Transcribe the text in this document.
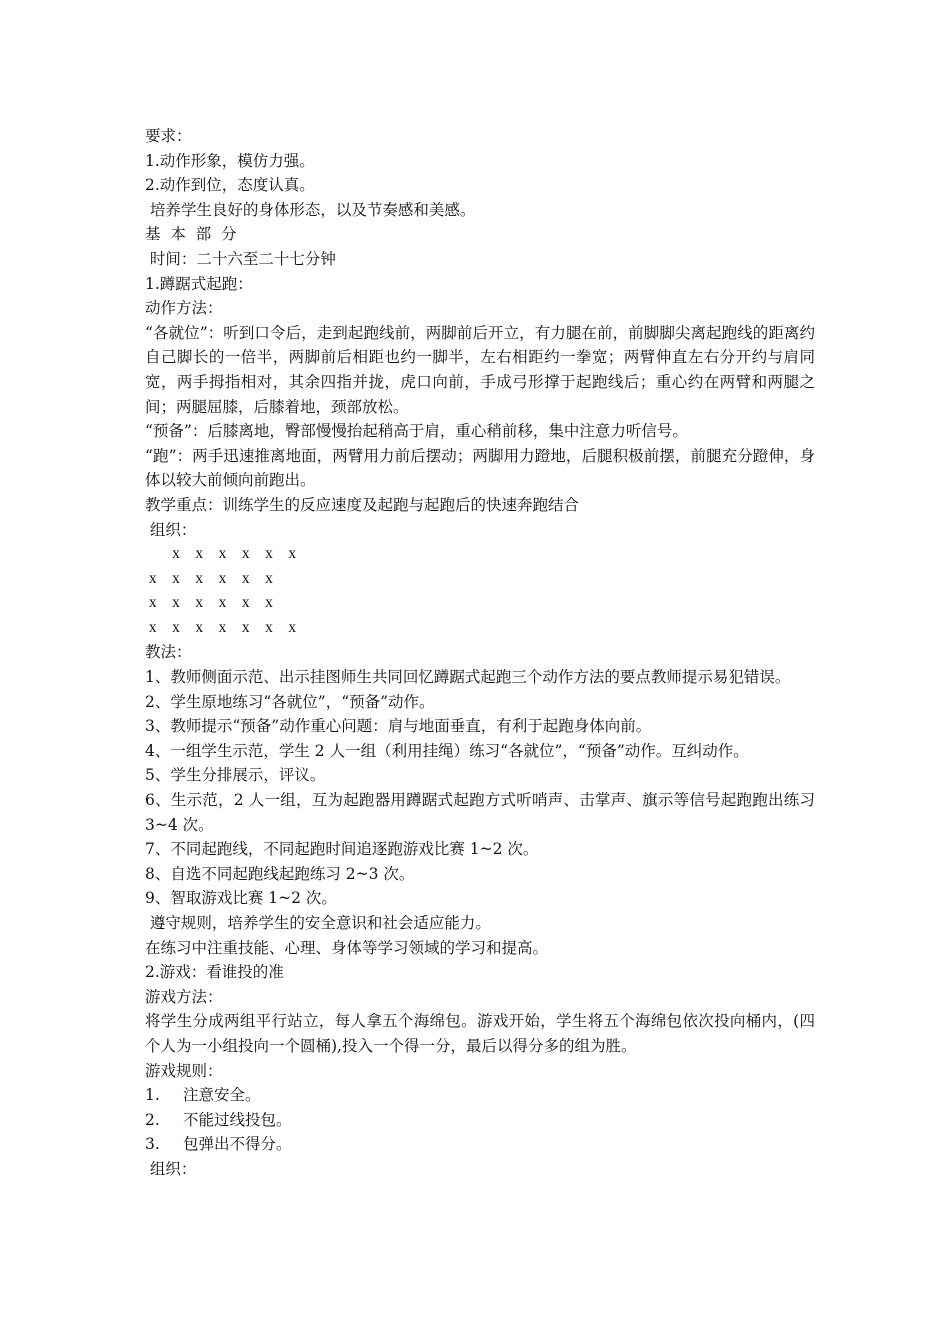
要求：
1.动作形象，模仿力强。
2.动作到位，态度认真。
培养学生良好的身体形态，以及节奏感和美感。
基  本  部  分
时间：二十六至二十七分钟
1.蹲踞式起跑：
动作方法：
“各就位”：听到口令后，走到起跑线前，两脚前后开立，有力腿在前，前脚脚尖离起跑线的距离约自己脚长的一倍半，两脚前后相距也约一脚半，左右相距约一拳宽；两臂伸直左右分开约与肩同宽，两手拇指相对，其余四指并拢，虎口向前，手成弓形撑于起跑线后；重心约在两臂和两腿之间；两腿屈膝，后膝着地，颈部放松。
“预备”：后膝离地，臀部慢慢抬起稍高于肩，重心稍前移，集中注意力听信号。
“跑”：两手迅速推离地面，两臂用力前后摆动；两脚用力蹬地，后腿积极前摆，前腿充分蹬伸，身体以较大前倾向前跑出。
教学重点：训练学生的反应速度及起跑与起跑后的快速奔跑结合
组织：
x    x    x    x    x    x
x    x    x    x    x    x
x    x    x    x    x    x
x    x    x    x    x    x    x
教法：
1、教师侧面示范、出示挂图师生共同回忆蹲踞式起跑三个动作方法的要点教师提示易犯错误。
2、学生原地练习“各就位”，“预备”动作。
3、教师提示“预备”动作重心问题：肩与地面垂直，有利于起跑身体向前。
4、一组学生示范，学生 2 人一组（利用挂绳）练习“各就位”，“预备”动作。互纠动作。
5、学生分排展示，评议。
6、生示范，2 人一组，互为起跑器用蹲踞式起跑方式听哨声、击掌声、旗示等信号起跑跑出练习 3~4 次。
7、不同起跑线，不同起跑时间追逐跑游戏比赛 1~2 次。
8、自选不同起跑线起跑练习 2~3 次。
9、智取游戏比赛 1~2 次。
遵守规则，培养学生的安全意识和社会适应能力。
在练习中注重技能、心理、身体等学习领域的学习和提高。
2.游戏：看谁投的准
游戏方法：
将学生分成两组平行站立，每人拿五个海绵包。游戏开始，学生将五个海绵包依次投向桶内，(四个人为一小组投向一个圆桶),投入一个得一分，最后以得分多的组为胜。
游戏规则：
1.	注意安全。
2.	不能过线投包。
3.	包弹出不得分。
组织：
